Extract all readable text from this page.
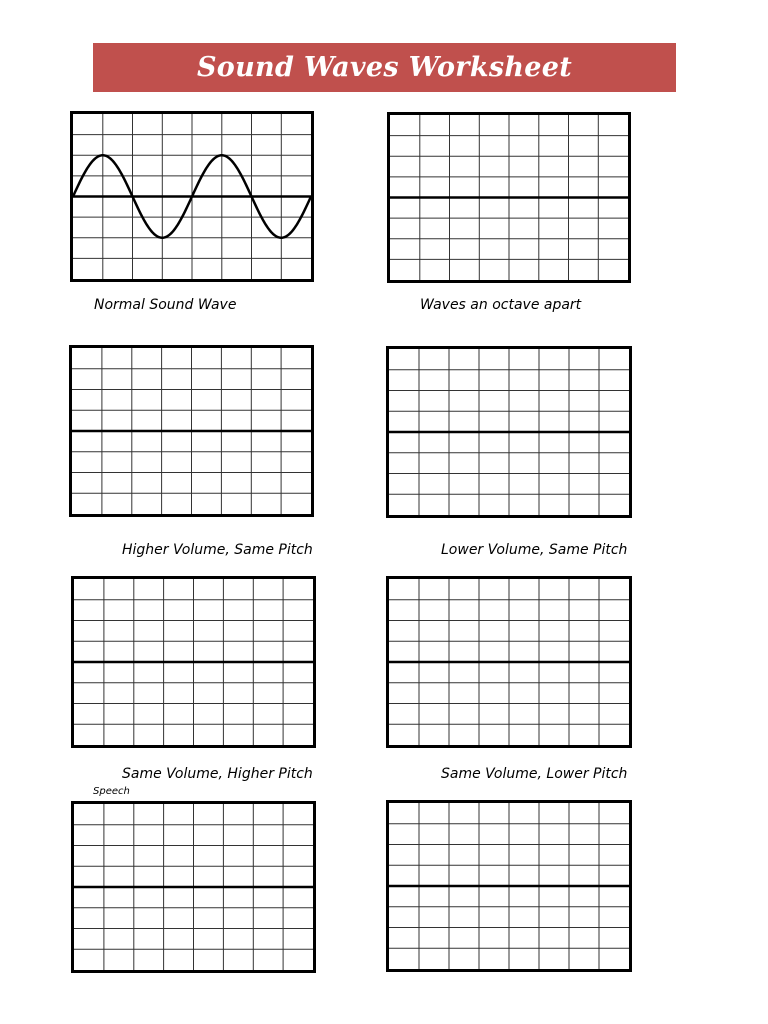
Sound Waves Worksheet
Normal Sound Wave	Waves an octave apart
Higher Volume, Same Pitch	Lower Volume, Same Pitch
Same Volume, Higher Pitch	Same Volume, Lower Pitch
Speech
